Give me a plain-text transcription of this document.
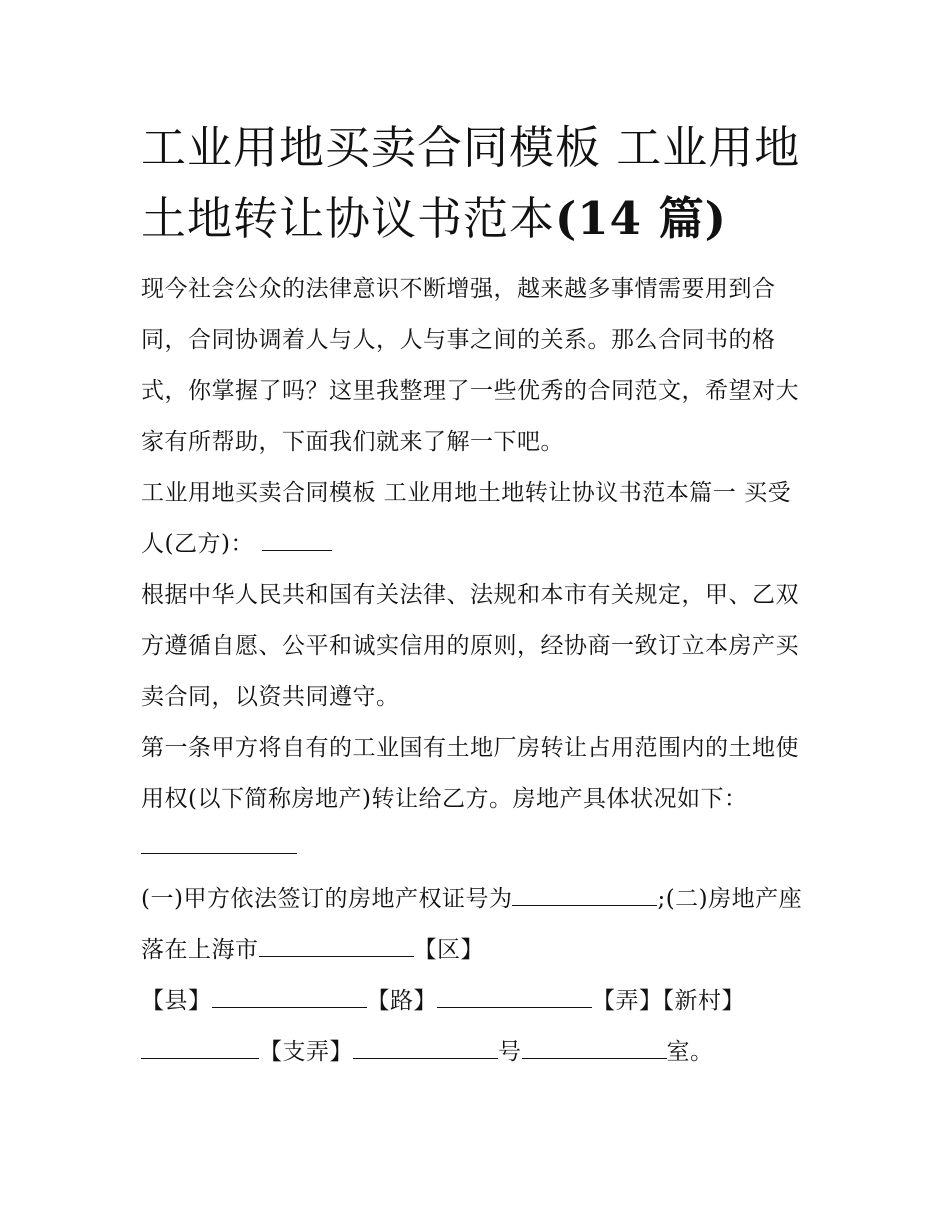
工业用地买卖合同模板 工业用地土地转让协议书范本(14 篇)

现今社会公众的法律意识不断增强，越来越多事情需要用到合同，合同协调着人与人，人与事之间的关系。那么合同书的格式，你掌握了吗？这里我整理了一些优秀的合同范文，希望对大家有所帮助，下面我们就来了解一下吧。

工业用地买卖合同模板 工业用地土地转让协议书范本篇一 买受人(乙方)：

根据中华人民共和国有关法律、法规和本市有关规定，甲、乙双方遵循自愿、公平和诚实信用的原则，经协商一致订立本房产买卖合同，以资共同遵守。

第一条甲方将自有的工业国有土地厂房转让占用范围内的土地使用权(以下简称房地产)转让给乙方。房地产具体状况如下：

(一)甲方依法签订的房地产权证号为	;(二)房地产座落在上海市	【区】
【县】	【路】	【弄】【新村】【支弄】	号	室。
